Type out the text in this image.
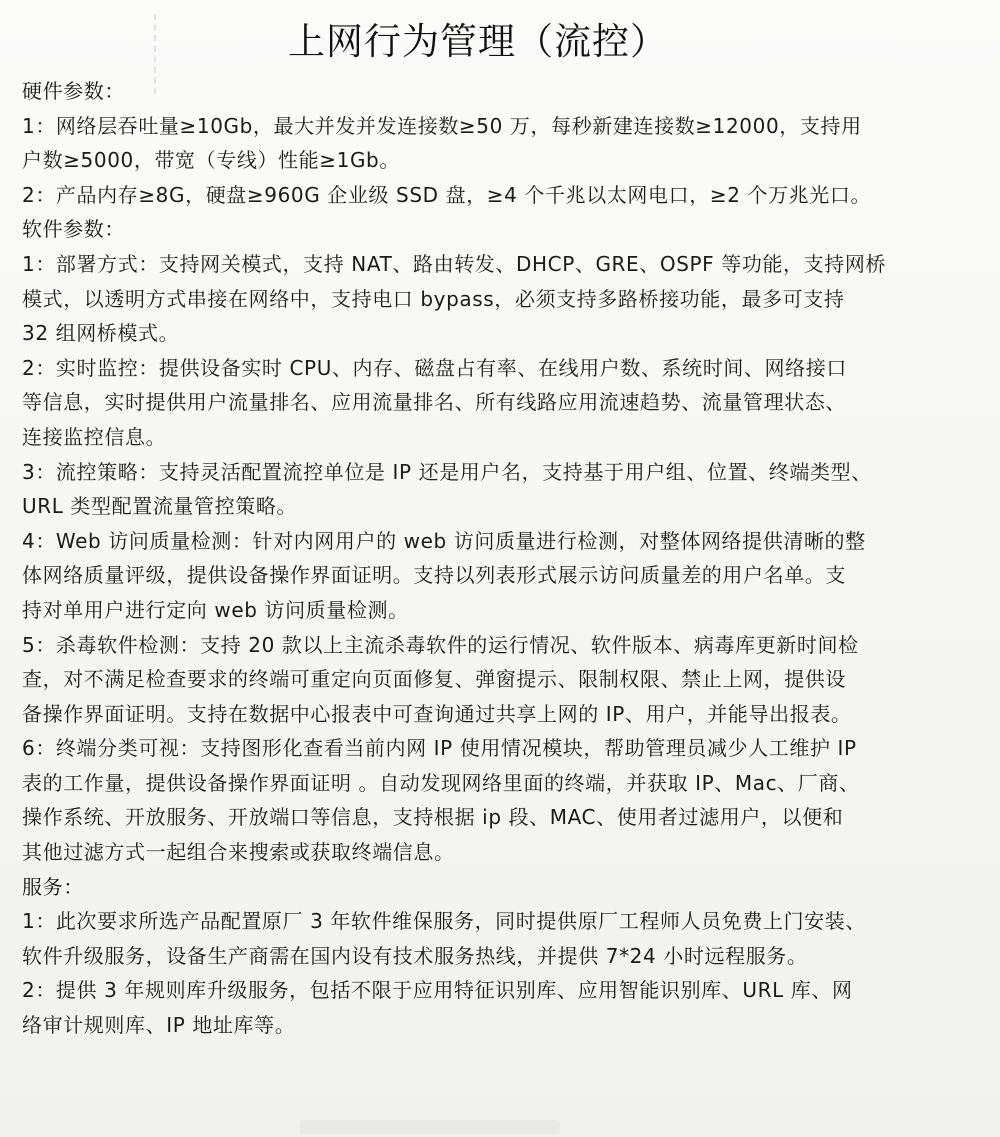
上网行为管理（流控）
硬件参数：
1：网络层吞吐量≥10Gb，最大并发并发连接数≥50 万，每秒新建连接数≥12000，支持用
户数≥5000，带宽（专线）性能≥1Gb。
2：产品内存≥8G，硬盘≥960G 企业级 SSD 盘，≥4 个千兆以太网电口，≥2 个万兆光口。
软件参数：
1：部署方式：支持网关模式，支持 NAT、路由转发、DHCP、GRE、OSPF 等功能，支持网桥
模式，以透明方式串接在网络中，支持电口 bypass，必须支持多路桥接功能，最多可支持
32 组网桥模式。
2：实时监控：提供设备实时 CPU、内存、磁盘占有率、在线用户数、系统时间、网络接口
等信息，实时提供用户流量排名、应用流量排名、所有线路应用流速趋势、流量管理状态、
连接监控信息。
3：流控策略：支持灵活配置流控单位是 IP 还是用户名，支持基于用户组、位置、终端类型、
URL 类型配置流量管控策略。
4：Web 访问质量检测：针对内网用户的 web 访问质量进行检测，对整体网络提供清晰的整
体网络质量评级，提供设备操作界面证明。支持以列表形式展示访问质量差的用户名单。支
持对单用户进行定向 web 访问质量检测。
5：杀毒软件检测：支持 20 款以上主流杀毒软件的运行情况、软件版本、病毒库更新时间检
查，对不满足检查要求的终端可重定向页面修复、弹窗提示、限制权限、禁止上网，提供设
备操作界面证明。支持在数据中心报表中可查询通过共享上网的 IP、用户，并能导出报表。
6：终端分类可视：支持图形化查看当前内网 IP 使用情况模块，帮助管理员减少人工维护 IP
表的工作量，提供设备操作界面证明 。自动发现网络里面的终端，并获取 IP、Mac、厂商、
操作系统、开放服务、开放端口等信息，支持根据 ip 段、MAC、使用者过滤用户，以便和
其他过滤方式一起组合来搜索或获取终端信息。
服务：
1：此次要求所选产品配置原厂 3 年软件维保服务，同时提供原厂工程师人员免费上门安装、
软件升级服务，设备生产商需在国内设有技术服务热线，并提供 7*24 小时远程服务。
2：提供 3 年规则库升级服务，包括不限于应用特征识别库、应用智能识别库、URL 库、网
络审计规则库、IP 地址库等。
